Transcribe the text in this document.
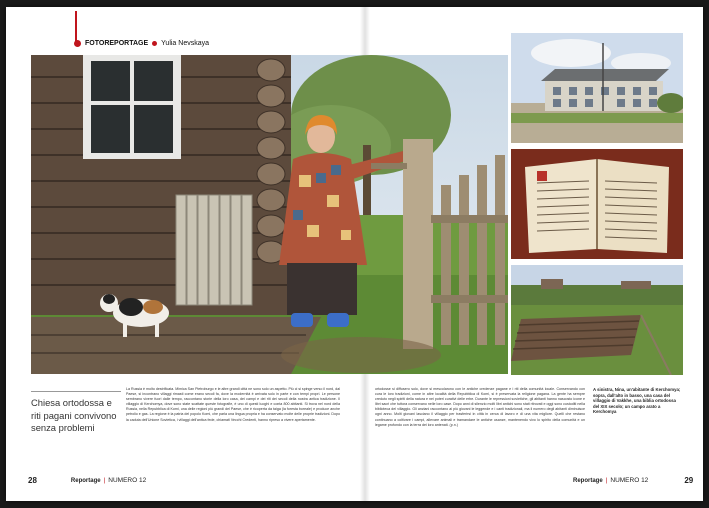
FOTOREPORTAGE Yulia Nevskaya
Chiesa ortodossa e riti pagani convivono senza problemi
La Russia è molto destrificata. Mimica San Pietroburgo e le altre grandi città ne sono solo un aspetto. Più ci si spinge verso il nord, dal Paese, si incontrano villaggi rimasti come erano secoli fa, dove la modernità è arrivata solo in parte e con tempi propri. Le persone sembrano vivere fuori dalle tempo, raccontano storie della loro casa, dei campi e dei riti dei secoli della nostra antica tradizione. Il villaggio di Kerchomya, dove sono state scattate queste fotografie, è uno di questi luoghi e conta 800 abitanti. Si trova nel nord della Russia, nella Repubblica di Komi, una delle regioni più grandi del Paese, che è ricoperta da taiga (la foresta boreale) e produce anche petrolio e gas. La regione è la patria del popolo Komi, che parla una lingua propria e ha conservato molte delle proprie tradizioni. Dopo la caduta dell'Unione Sovietica, i villaggi dell'antica fede, chiamati Vecchi Credenti, hanno ripreso a vivere apertamente.
ortodosse si diffusero solo, dove si mescolarono con le antiche credenze pagane e i riti della comunità locale. Conservando con cura le loro tradizioni, come in altre località della Repubblica di Komi, si è preservata la religione pagana. La gente ha sempre creduto negli spiriti della natura e nei poteri curativi delle erbe. Durante le repressioni sovietiche, gli abitanti hanno nascosto icone e libri sacri che tuttora conservano nelle loro case. Dopo anni di silenzio molti libri antichi sono stati ritrovati e oggi sono custoditi nella biblioteca del villaggio. Gli anziani raccontano ai più giovani le leggende e i canti tradizionali, ma il numero degli abitanti diminuisce ogni anno. Molti giovani lasciano il villaggio per trasferirsi in città in cerca di lavoro e di una vita migliore. Quelli che restano continuano a coltivare i campi, allevare animali e tramandare le antiche usanze, mantenendo vivo lo spirito della comunità e un legame profondo con la terra dei loro antenati. (p.n.)
A sinistra, Nina, un'abitante di Kerchomya; sopra, dall'alto in basso, una casa del villaggio di Vakkhe, una biblia ortodossa del XIX secolo; un campo arato a Kerchomya
28	Reportage | NUMERO 12	Reportage | NUMERO 12	29
